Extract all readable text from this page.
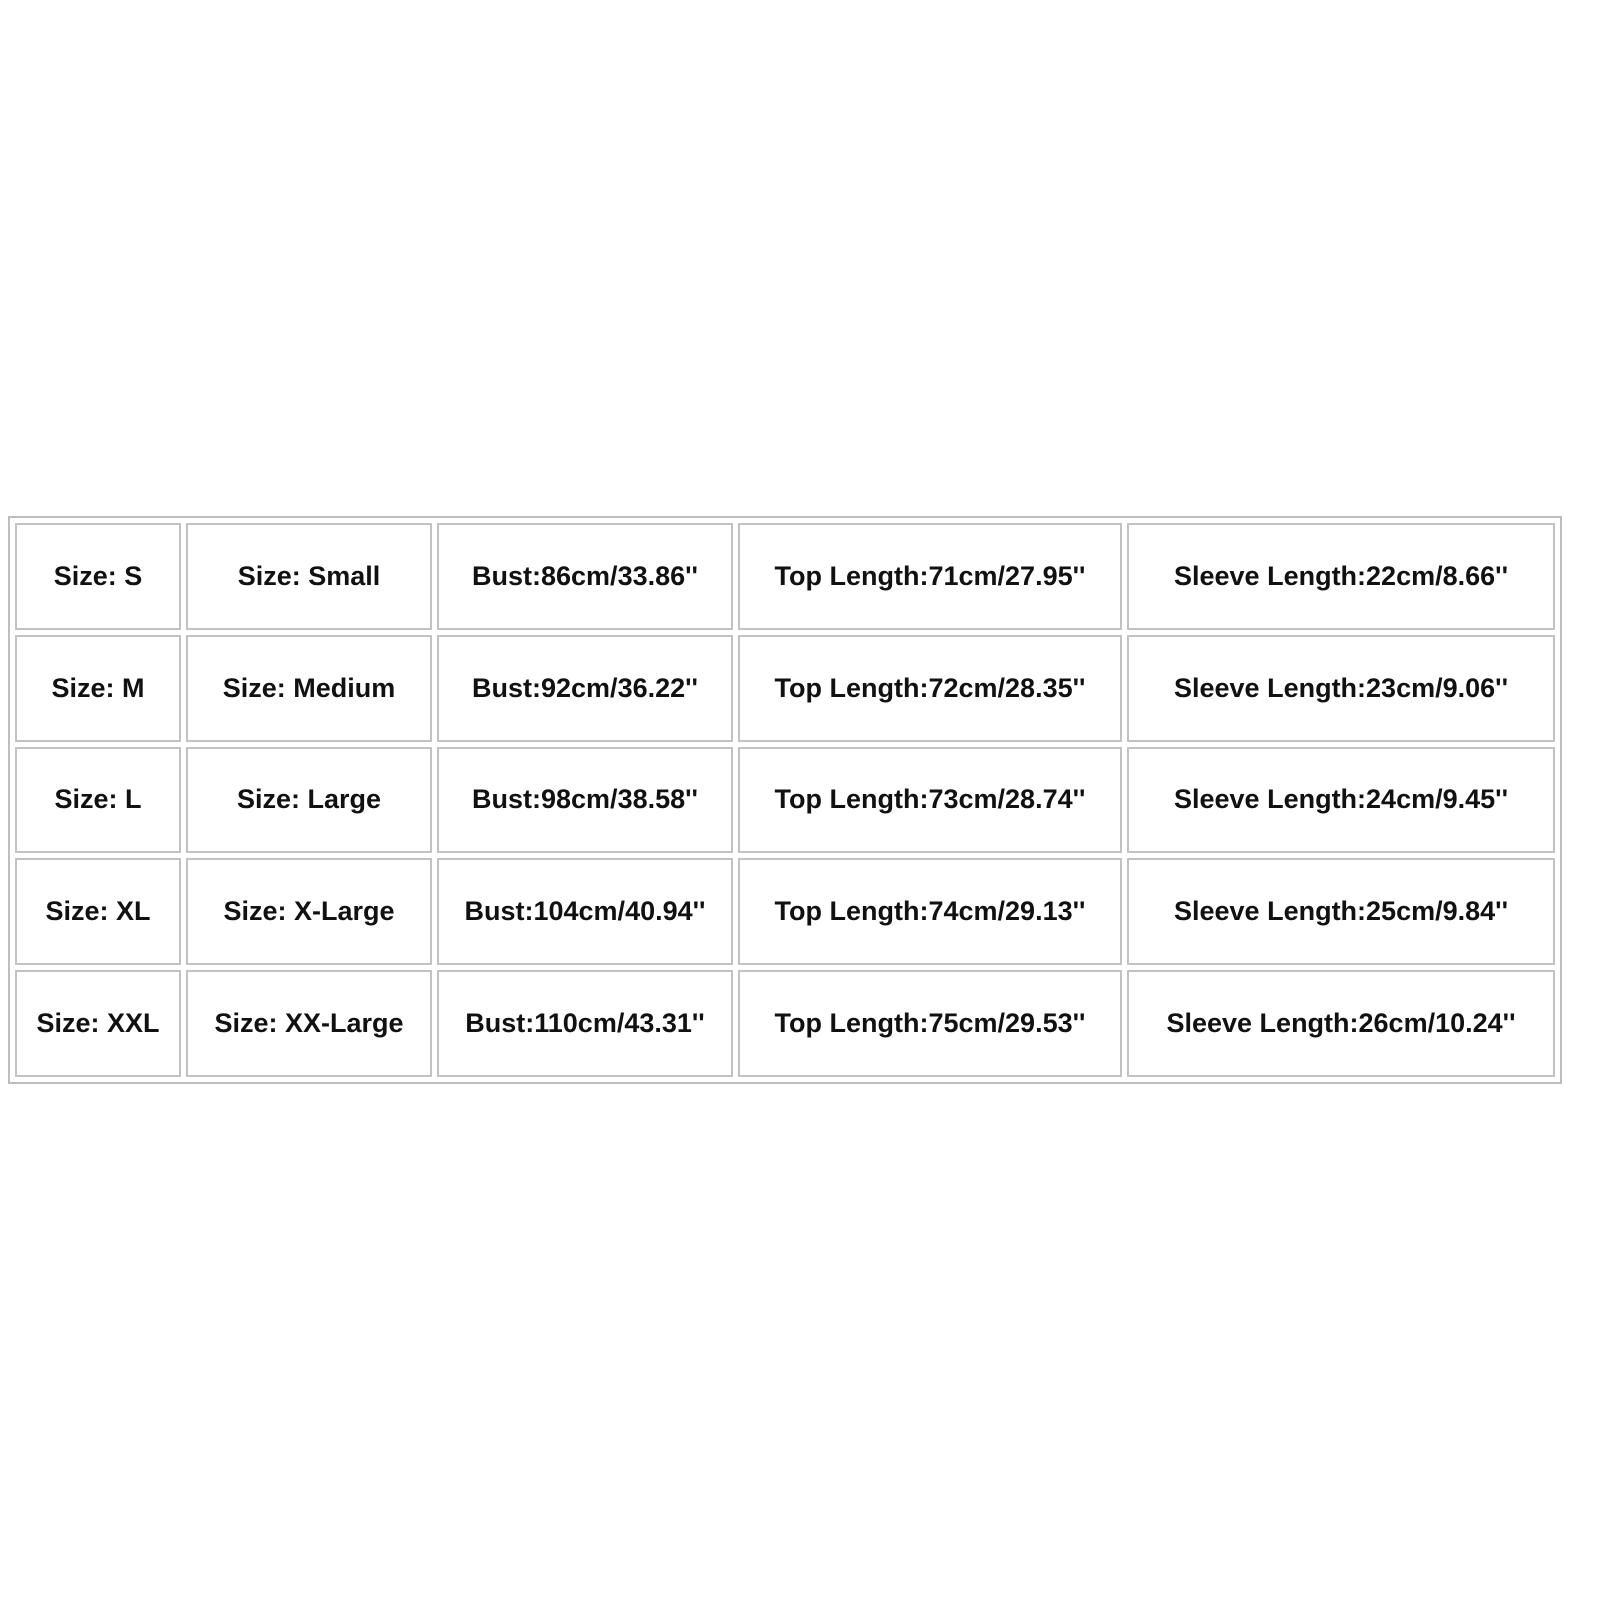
Size: S	Size: Small	Bust:86cm/33.86''	Top Length:71cm/27.95''	Sleeve Length:22cm/8.66''
Size: M	Size: Medium	Bust:92cm/36.22''	Top Length:72cm/28.35''	Sleeve Length:23cm/9.06''
Size: L	Size: Large	Bust:98cm/38.58''	Top Length:73cm/28.74''	Sleeve Length:24cm/9.45''
Size: XL	Size: X-Large	Bust:104cm/40.94''	Top Length:74cm/29.13''	Sleeve Length:25cm/9.84''
Size: XXL	Size: XX-Large	Bust:110cm/43.31''	Top Length:75cm/29.53''	Sleeve Length:26cm/10.24''
